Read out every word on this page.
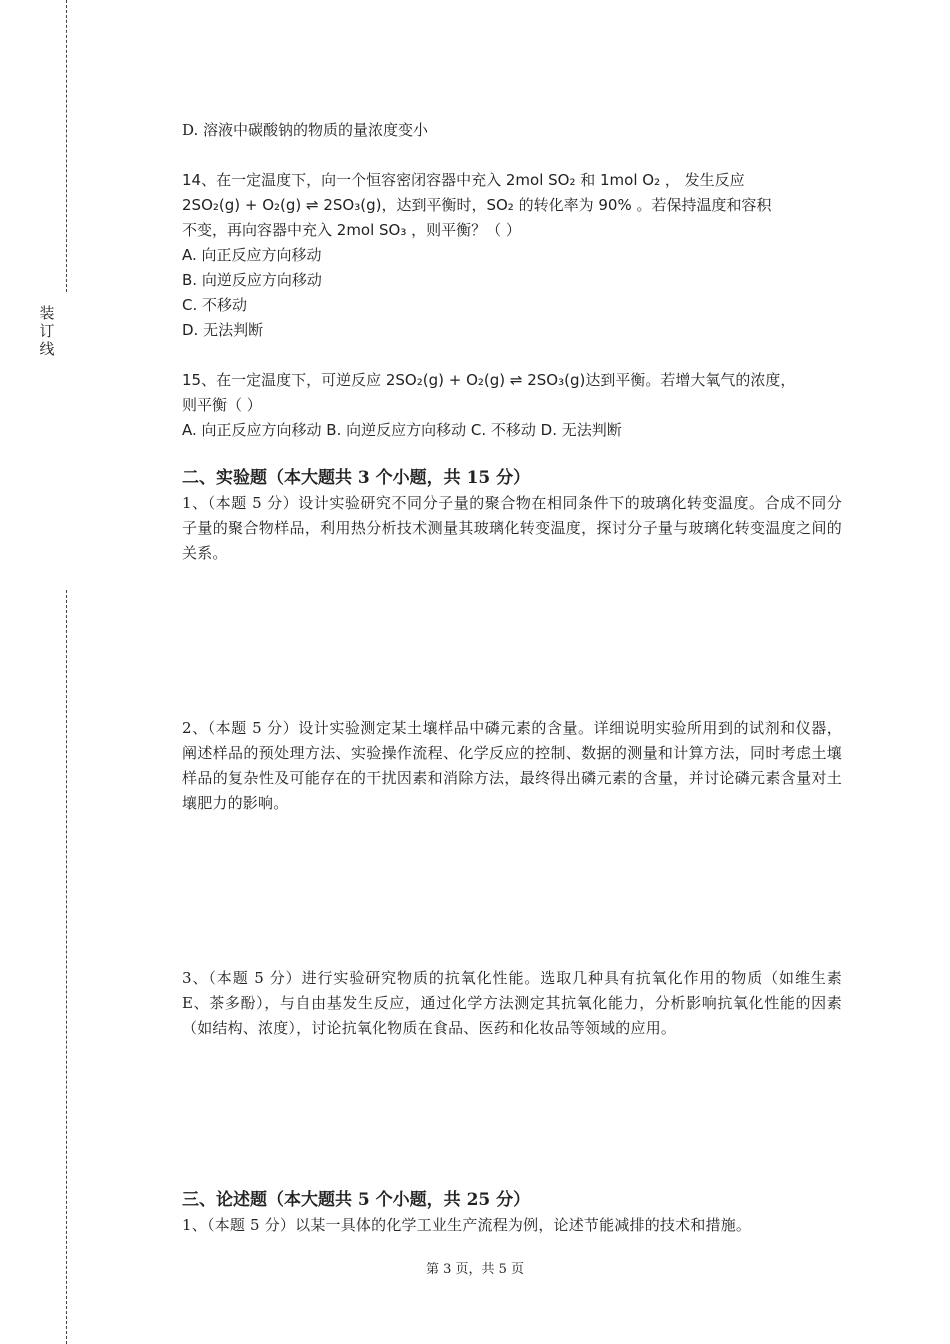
装
订
线
D. 溶液中碳酸钠的物质的量浓度变小
14、在一定温度下，向一个恒容密闭容器中充入 2mol SO₂ 和 1mol O₂ ， 发生反应
2SO₂(g) + O₂(g) ⇌ 2SO₃(g)，达到平衡时，SO₂ 的转化率为 90% 。若保持温度和容积
不变，再向容器中充入 2mol SO₃ ，则平衡？（ ）
A. 向正反应方向移动
B. 向逆反应方向移动
C. 不移动
D. 无法判断
15、在一定温度下，可逆反应 2SO₂(g) + O₂(g) ⇌ 2SO₃(g)达到平衡。若增大氧气的浓度，
则平衡（ ）
A. 向正反应方向移动 B. 向逆反应方向移动 C. 不移动 D. 无法判断
二、实验题（本大题共 3 个小题，共 15 分）
1、（本题 5 分）设计实验研究不同分子量的聚合物在相同条件下的玻璃化转变温度。合成不同分子量的聚合物样品，利用热分析技术测量其玻璃化转变温度，探讨分子量与玻璃化转变温度之间的关系。
2、（本题 5 分）设计实验测定某土壤样品中磷元素的含量。详细说明实验所用到的试剂和仪器，阐述样品的预处理方法、实验操作流程、化学反应的控制、数据的测量和计算方法，同时考虑土壤样品的复杂性及可能存在的干扰因素和消除方法，最终得出磷元素的含量，并讨论磷元素含量对土壤肥力的影响。
3、（本题 5 分）进行实验研究物质的抗氧化性能。选取几种具有抗氧化作用的物质（如维生素 E、茶多酚），与自由基发生反应，通过化学方法测定其抗氧化能力，分析影响抗氧化性能的因素（如结构、浓度），讨论抗氧化物质在食品、医药和化妆品等领域的应用。
三、论述题（本大题共 5 个小题，共 25 分）
1、（本题 5 分）以某一具体的化学工业生产流程为例，论述节能减排的技术和措施。
第 3 页，共 5 页
